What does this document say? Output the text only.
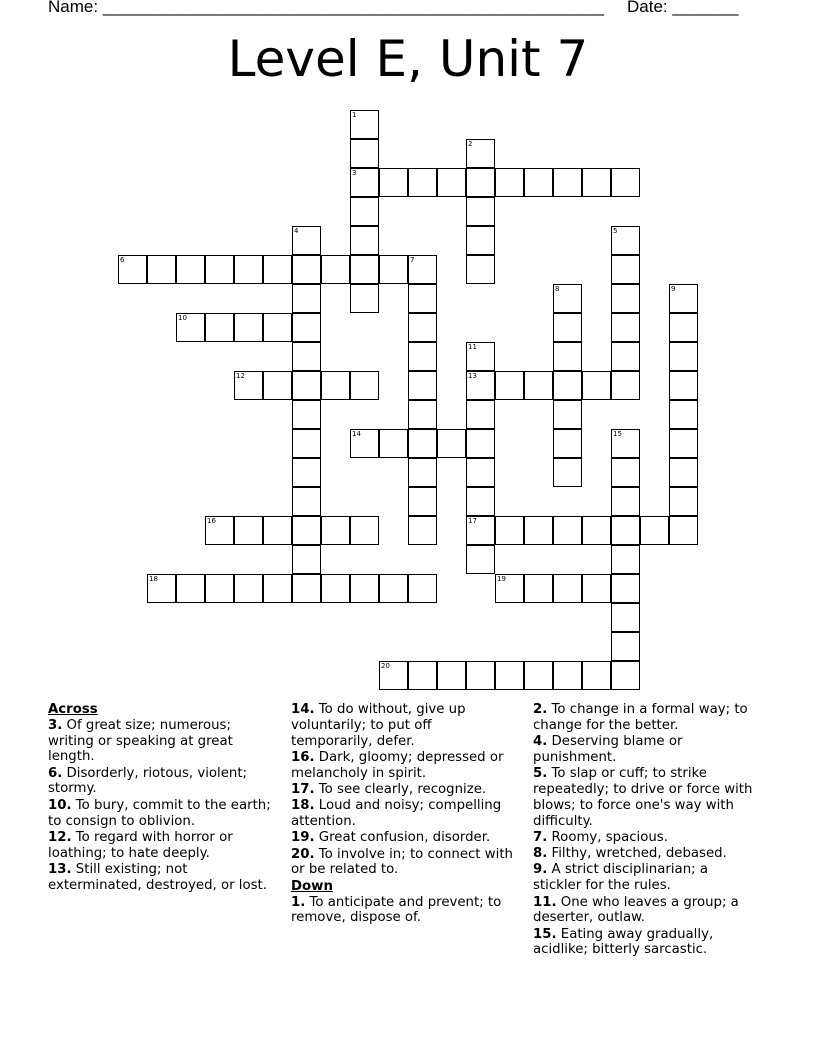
Name: _____________________________________________________ Date: _______
Level E, Unit 7
1
3
2
4	5
6	7
8	9
10
11
13
17
12
14	15
16
18	19
20
Across
3. Of great size; numerous; writing or speaking at great length.
6. Disorderly, riotous, violent; stormy.
10. To bury, commit to the earth; to consign to oblivion.
12. To regard with horror or loathing; to hate deeply.
13. Still existing; not exterminated, destroyed, or lost.
14. To do without, give up voluntarily; to put off temporarily, defer.
16. Dark, gloomy; depressed or melancholy in spirit.
17. To see clearly, recognize.
18. Loud and noisy; compelling attention.
19. Great confusion, disorder.
20. To involve in; to connect with or be related to.
Down
1. To anticipate and prevent; to remove, dispose of.
2. To change in a formal way; to change for the better.
4. Deserving blame or punishment.
5. To slap or cuff; to strike repeatedly; to drive or force with blows; to force one's way with difficulty.
7. Roomy, spacious.
8. Filthy, wretched, debased.
9. A strict disciplinarian; a stickler for the rules.
11. One who leaves a group; a deserter, outlaw.
15. Eating away gradually, acidlike; bitterly sarcastic.
